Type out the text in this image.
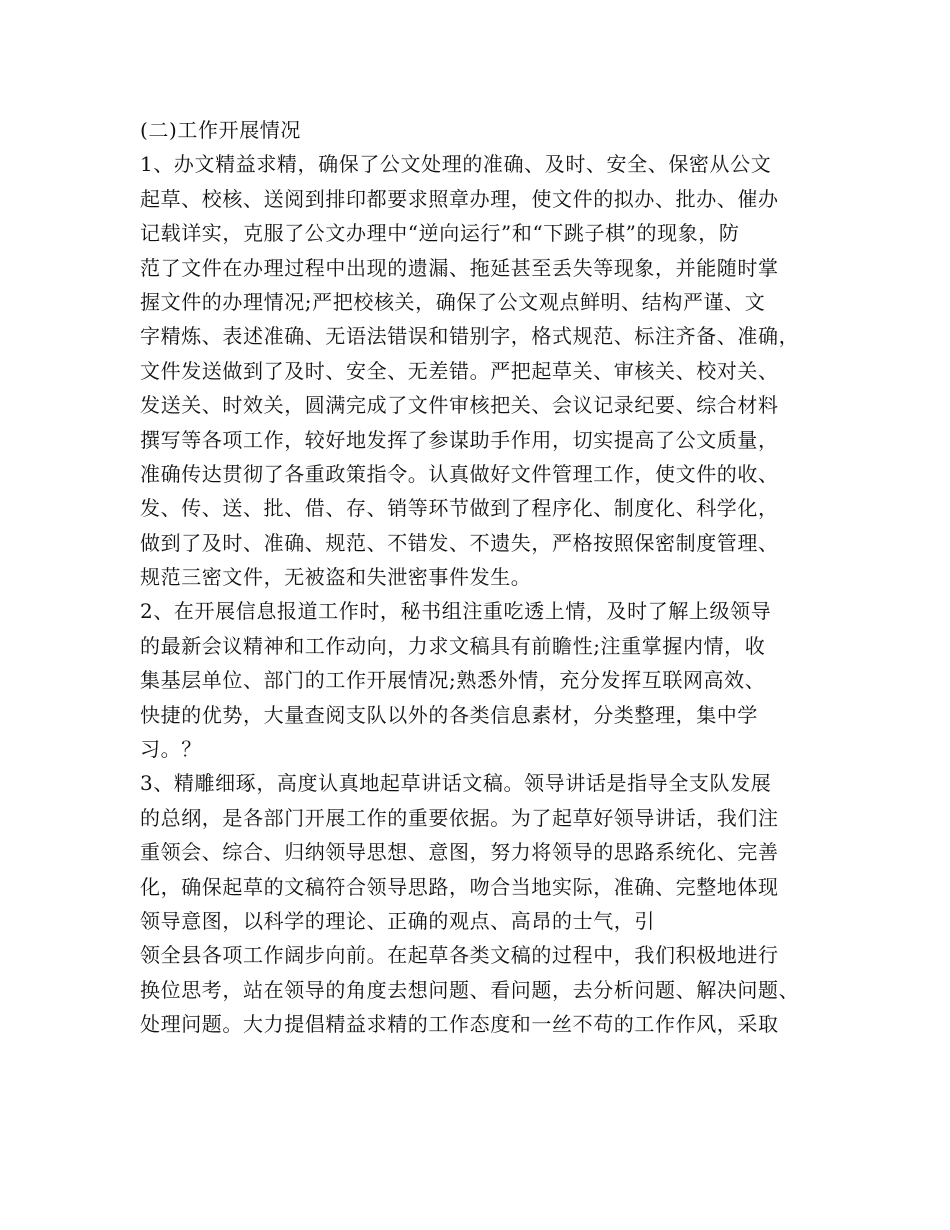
(二)工作开展情况
1、办文精益求精，确保了公文处理的准确、及时、安全、保密从公文
起草、校核、送阅到排印都要求照章办理，使文件的拟办、批办、催办
记载详实，克服了公文办理中“逆向运行”和“下跳子棋”的现象，防
范了文件在办理过程中出现的遗漏、拖延甚至丢失等现象，并能随时掌
握文件的办理情况;严把校核关，确保了公文观点鲜明、结构严谨、文
字精炼、表述准确、无语法错误和错别字，格式规范、标注齐备、准确，
文件发送做到了及时、安全、无差错。严把起草关、审核关、校对关、
发送关、时效关，圆满完成了文件审核把关、会议记录纪要、综合材料
撰写等各项工作，较好地发挥了参谋助手作用，切实提高了公文质量，
准确传达贯彻了各重政策指令。认真做好文件管理工作，使文件的收、
发、传、送、批、借、存、销等环节做到了程序化、制度化、科学化，
做到了及时、准确、规范、不错发、不遗失，严格按照保密制度管理、
规范三密文件，无被盗和失泄密事件发生。
2、在开展信息报道工作时，秘书组注重吃透上情，及时了解上级领导
的最新会议精神和工作动向，力求文稿具有前瞻性;注重掌握内情，收
集基层单位、部门的工作开展情况;熟悉外情，充分发挥互联网高效、
快捷的优势，大量查阅支队以外的各类信息素材，分类整理，集中学
习。？
3、精雕细琢，高度认真地起草讲话文稿。领导讲话是指导全支队发展
的总纲，是各部门开展工作的重要依据。为了起草好领导讲话，我们注
重领会、综合、归纳领导思想、意图，努力将领导的思路系统化、完善
化，确保起草的文稿符合领导思路，吻合当地实际，准确、完整地体现
领导意图，以科学的理论、正确的观点、高昂的士气，引
领全县各项工作阔步向前。在起草各类文稿的过程中，我们积极地进行
换位思考，站在领导的角度去想问题、看问题，去分析问题、解决问题、
处理问题。大力提倡精益求精的工作态度和一丝不苟的工作作风，采取
